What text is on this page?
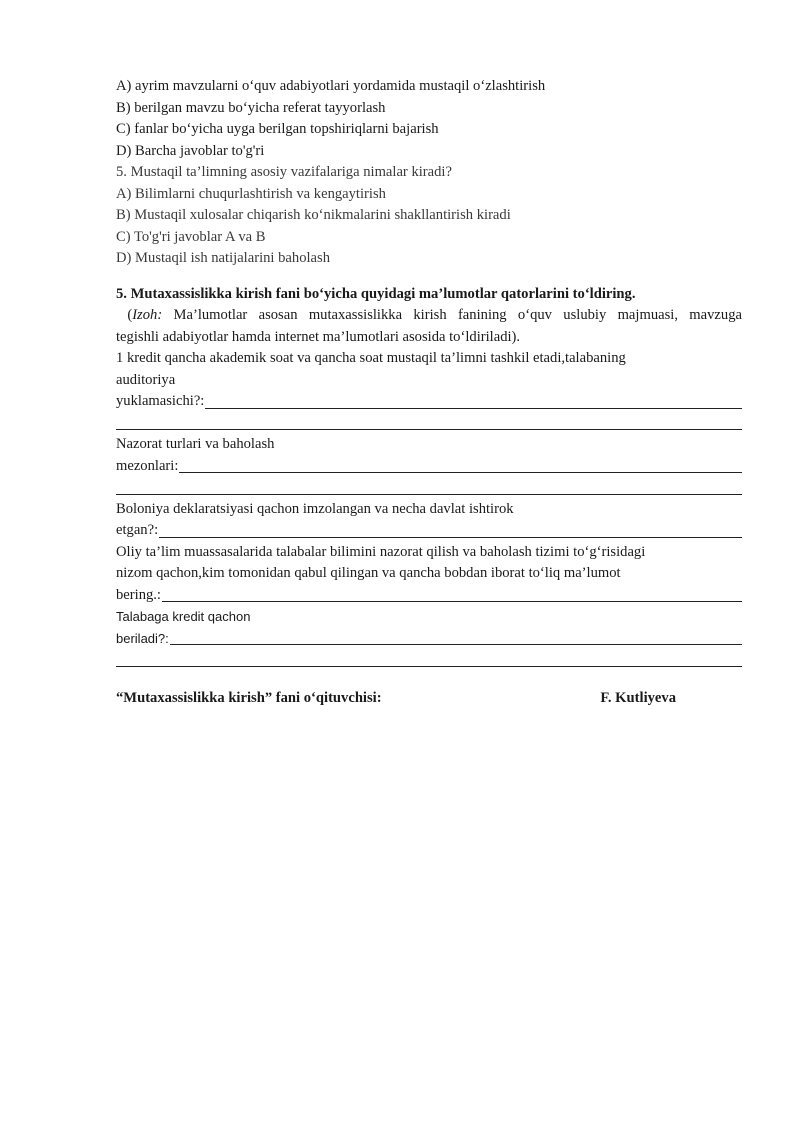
A) ayrim mavzularni o‘quv adabiyotlari yordamida mustaqil o‘zlashtirish
B) berilgan mavzu bo‘yicha referat tayyorlash
C) fanlar bo‘yicha uyga berilgan topshiriqlarni bajarish
D) Barcha javoblar to'g'ri
5. Mustaqil ta’limning asosiy vazifalariga nimalar kiradi?
A) Bilimlarni chuqurlashtirish va kengaytirish
B) Mustaqil xulosalar chiqarish ko‘nikmalarini shakllantirish kiradi
C) To'g'ri javoblar A va B
D) Mustaqil ish natijalarini baholash
5. Mutaxassislikka kirish fani bo‘yicha quyidagi ma’lumotlar qatorlarini to‘ldiring.
(Izoh: Ma’lumotlar asosan mutaxassislikka kirish fanining o‘quv uslubiy majmuasi, mavzuga
tegishli adabiyotlar hamda internet ma’lumotlari asosida to‘ldiriladi).
1 kredit qancha akademik soat va qancha soat mustaqil ta’limni tashkil etadi,talabaning
auditoriya
yuklamasichi?:
Nazorat turlari va baholash
mezonlari:
Boloniya deklaratsiyasi qachon imzolangan va necha davlat ishtirok
etgan?:
Oliy ta’lim muassasalarida talabalar bilimini nazorat qilish va baholash tizimi to‘g‘risidagi
nizom qachon,kim tomonidan qabul qilingan va qancha bobdan iborat to‘liq ma’lumot
bering.:
Talabaga kredit qachon
beriladi?:
“Mutaxassislikka kirish” fani o‘qituvchisi:	F. Kutliyeva
